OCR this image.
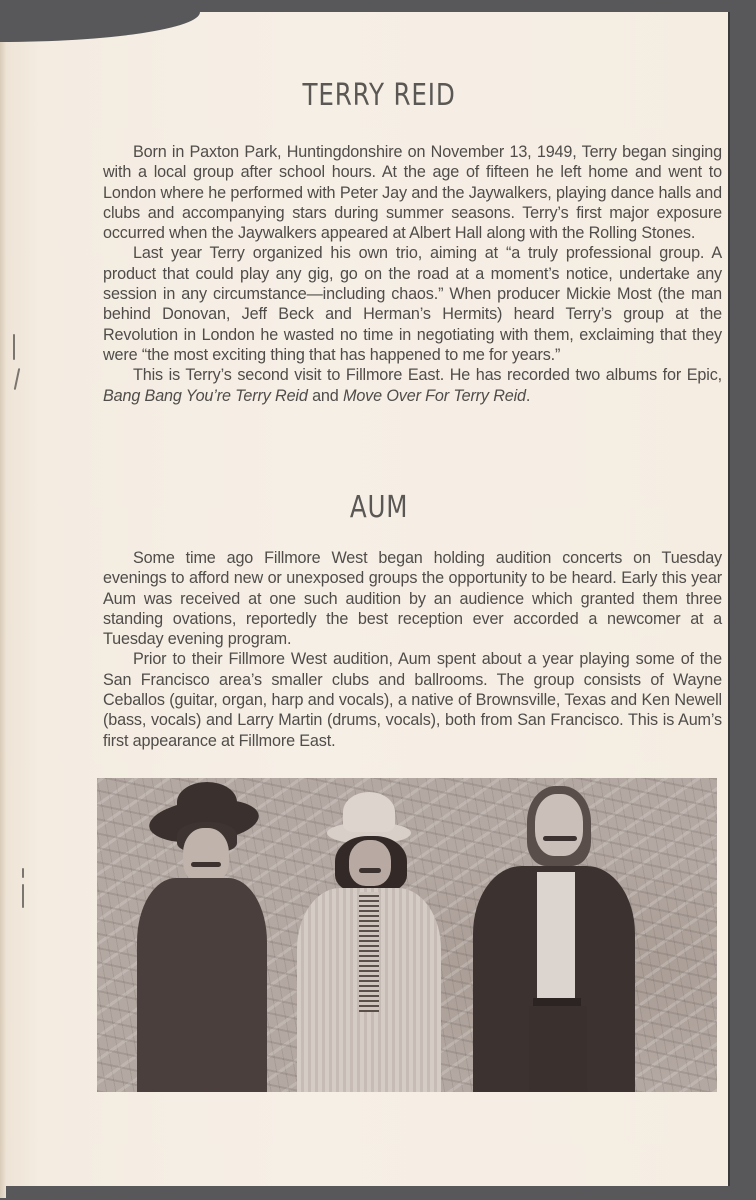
TERRY REID

Born in Paxton Park, Huntingdonshire on November 13, 1949, Terry began singing with a local group after school hours. At the age of fifteen he left home and went to London where he performed with Peter Jay and the Jaywalkers, playing dance halls and clubs and accompanying stars during summer seasons. Terry’s first major exposure occurred when the Jaywalkers appeared at Albert Hall along with the Rolling Stones.

Last year Terry organized his own trio, aiming at “a truly professional group. A product that could play any gig, go on the road at a moment’s notice, undertake any session in any circumstance—including chaos.” When producer Mickie Most (the man behind Donovan, Jeff Beck and Herman’s Hermits) heard Terry’s group at the Revolution in London he wasted no time in negotiating with them, exclaiming that they were “the most exciting thing that has happened to me for years.”

This is Terry’s second visit to Fillmore East. He has recorded two albums for Epic, Bang Bang You’re Terry Reid and Move Over For Terry Reid.

AUM

Some time ago Fillmore West began holding audition concerts on Tuesday evenings to afford new or unexposed groups the opportunity to be heard. Early this year Aum was received at one such audition by an audience which granted them three standing ovations, reportedly the best reception ever accorded a newcomer at a Tuesday evening program.

Prior to their Fillmore West audition, Aum spent about a year playing some of the San Francisco area’s smaller clubs and ballrooms. The group consists of Wayne Ceballos (guitar, organ, harp and vocals), a native of Brownsville, Texas and Ken Newell (bass, vocals) and Larry Martin (drums, vocals), both from San Francisco. This is Aum’s first appearance at Fillmore East.
